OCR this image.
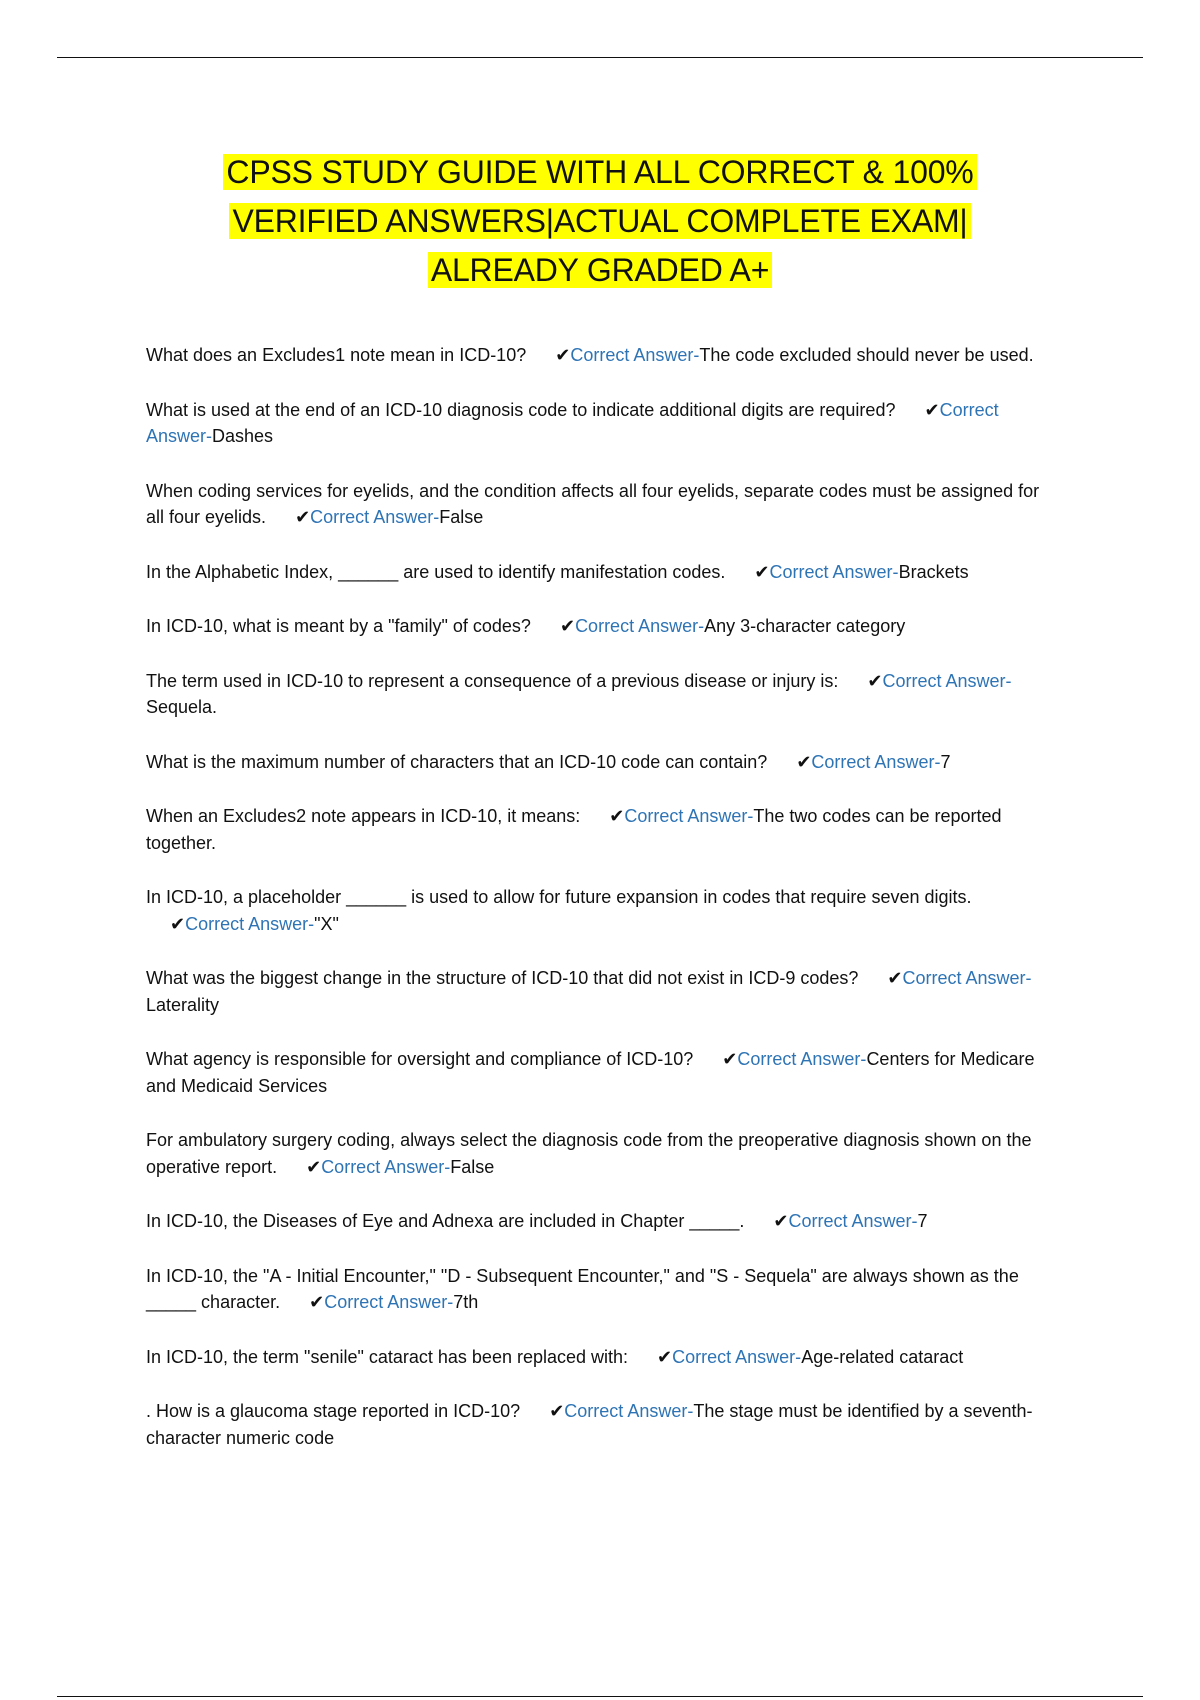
CPSS STUDY GUIDE WITH ALL CORRECT & 100%
VERIFIED ANSWERS|ACTUAL COMPLETE EXAM|
ALREADY GRADED A+

What does an Excludes1 note mean in ICD-10? ✔Correct Answer-The code excluded should never be used.

What is used at the end of an ICD-10 diagnosis code to indicate additional digits are required? ✔Correct Answer-Dashes

When coding services for eyelids, and the condition affects all four eyelids, separate codes must be assigned for all four eyelids. ✔Correct Answer-False

In the Alphabetic Index, ______ are used to identify manifestation codes. ✔Correct Answer-Brackets

In ICD-10, what is meant by a "family" of codes? ✔Correct Answer-Any 3-character category

The term used in ICD-10 to represent a consequence of a previous disease or injury is: ✔Correct Answer-Sequela.

What is the maximum number of characters that an ICD-10 code can contain? ✔Correct Answer-7

When an Excludes2 note appears in ICD-10, it means: ✔Correct Answer-The two codes can be reported together.

In ICD-10, a placeholder ______ is used to allow for future expansion in codes that require seven digits. ✔Correct Answer-"X"

What was the biggest change in the structure of ICD-10 that did not exist in ICD-9 codes? ✔Correct Answer-Laterality

What agency is responsible for oversight and compliance of ICD-10? ✔Correct Answer-Centers for Medicare and Medicaid Services

For ambulatory surgery coding, always select the diagnosis code from the preoperative diagnosis shown on the operative report. ✔Correct Answer-False

In ICD-10, the Diseases of Eye and Adnexa are included in Chapter _____. ✔Correct Answer-7

In ICD-10, the "A - Initial Encounter," "D - Subsequent Encounter," and "S - Sequela" are always shown as the _____ character. ✔Correct Answer-7th

In ICD-10, the term "senile" cataract has been replaced with: ✔Correct Answer-Age-related cataract

. How is a glaucoma stage reported in ICD-10? ✔Correct Answer-The stage must be identified by a seventh-character numeric code
